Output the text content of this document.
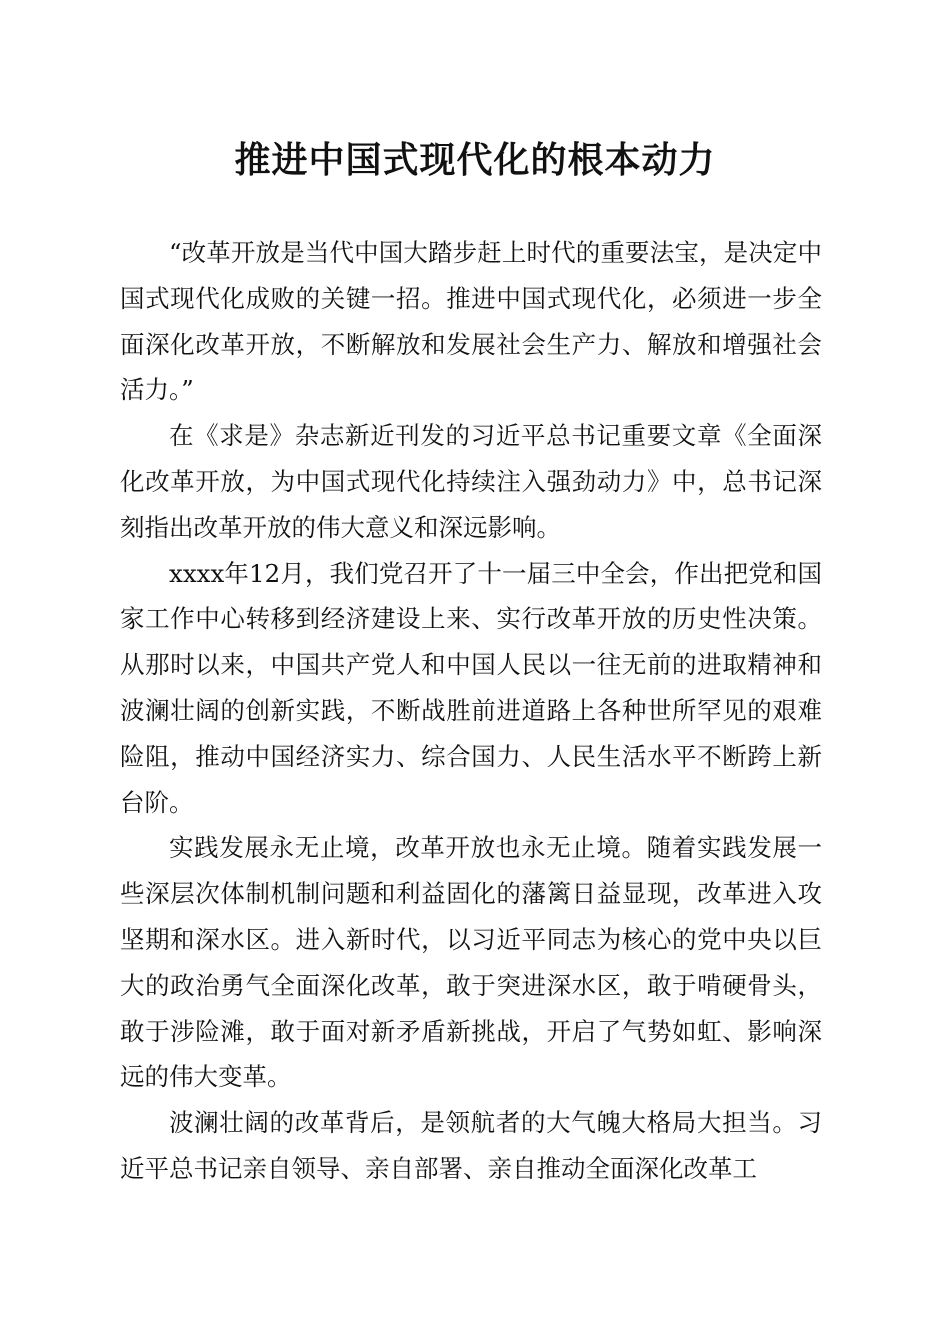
推进中国式现代化的根本动力

“改革开放是当代中国大踏步赶上时代的重要法宝，是决定中国式现代化成败的关键一招。推进中国式现代化，必须进一步全面深化改革开放，不断解放和发展社会生产力、解放和增强社会活力。”

在《求是》杂志新近刊发的习近平总书记重要文章《全面深化改革开放，为中国式现代化持续注入强劲动力》中，总书记深刻指出改革开放的伟大意义和深远影响。

xxxx年12月，我们党召开了十一届三中全会，作出把党和国家工作中心转移到经济建设上来、实行改革开放的历史性决策。从那时以来，中国共产党人和中国人民以一往无前的进取精神和波澜壮阔的创新实践，不断战胜前进道路上各种世所罕见的艰难险阻，推动中国经济实力、综合国力、人民生活水平不断跨上新台阶。

实践发展永无止境，改革开放也永无止境。随着实践发展一些深层次体制机制问题和利益固化的藩篱日益显现，改革进入攻坚期和深水区。进入新时代，以习近平同志为核心的党中央以巨大的政治勇气全面深化改革，敢于突进深水区，敢于啃硬骨头，敢于涉险滩，敢于面对新矛盾新挑战，开启了气势如虹、影响深远的伟大变革。

波澜壮阔的改革背后，是领航者的大气魄大格局大担当。习近平总书记亲自领导、亲自部署、亲自推动全面深化改革工
